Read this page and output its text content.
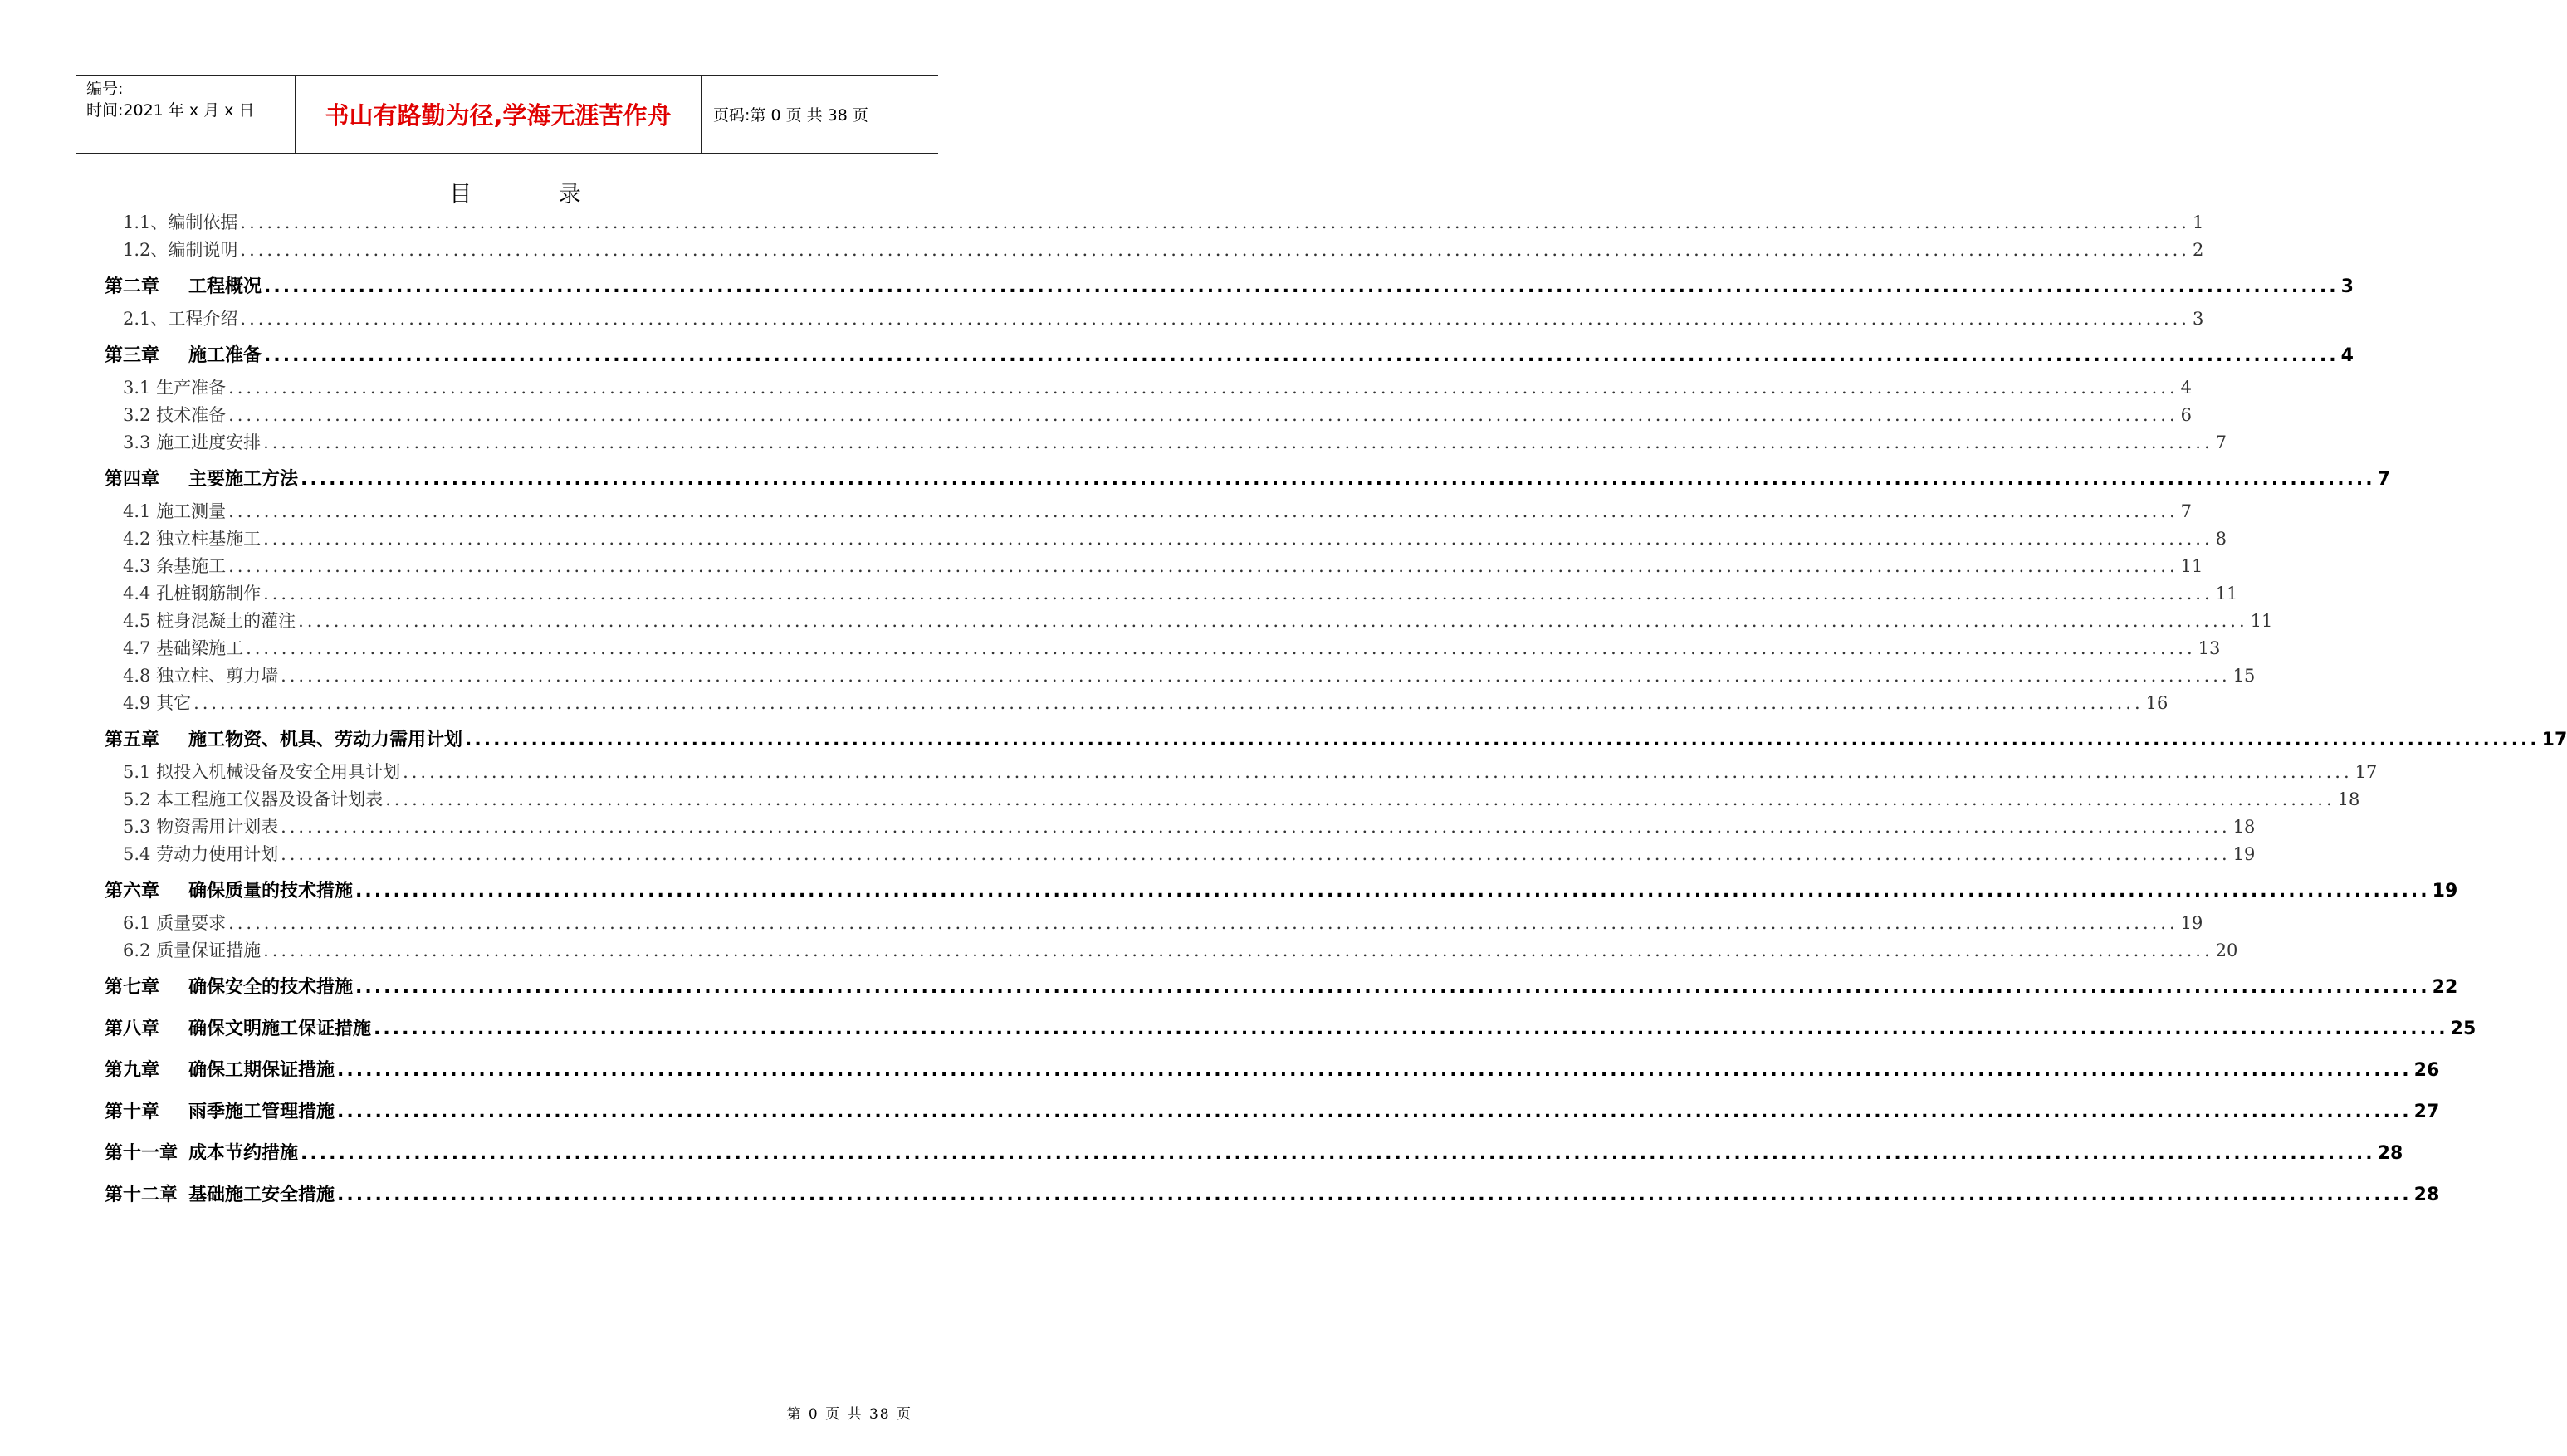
编号:
时间:2021 年 x 月 x 日	书山有路勤为径,学海无涯苦作舟	页码:第 0 页 共 38 页
目 录
1.1、编制依据 ............................................................................................................................................................................................................................ 1
1.2、编制说明 ............................................................................................................................................................................................................................ 2
第二章 工程概况 ............................................................................................................................................................................................................................ 3
2.1、工程介绍 ............................................................................................................................................................................................................................ 3
第三章 施工准备 ............................................................................................................................................................................................................................ 4
3.1 生产准备 ............................................................................................................................................................................................................................ 4
3.2 技术准备 ............................................................................................................................................................................................................................ 6
3.3 施工进度安排 ............................................................................................................................................................................................................................ 7
第四章 主要施工方法 ............................................................................................................................................................................................................................ 7
4.1 施工测量 ............................................................................................................................................................................................................................ 7
4.2 独立柱基施工 ............................................................................................................................................................................................................................ 8
4.3 条基施工 ............................................................................................................................................................................................................................ 11
4.4 孔桩钢筋制作 ............................................................................................................................................................................................................................ 11
4.5 桩身混凝土的灌注 ............................................................................................................................................................................................................................ 11
4.7 基础梁施工 ............................................................................................................................................................................................................................ 13
4.8 独立柱、剪力墙 ............................................................................................................................................................................................................................ 15
4.9 其它 ............................................................................................................................................................................................................................ 16
第五章 施工物资、机具、劳动力需用计划 ............................................................................................................................................................................................................................ 17
5.1 拟投入机械设备及安全用具计划 ............................................................................................................................................................................................................................ 17
5.2 本工程施工仪器及设备计划表 ............................................................................................................................................................................................................................ 18
5.3 物资需用计划表 ............................................................................................................................................................................................................................ 18
5.4 劳动力使用计划 ............................................................................................................................................................................................................................ 19
第六章 确保质量的技术措施 ............................................................................................................................................................................................................................ 19
6.1 质量要求 ............................................................................................................................................................................................................................ 19
6.2 质量保证措施 ............................................................................................................................................................................................................................ 20
第七章 确保安全的技术措施 ............................................................................................................................................................................................................................ 22
第八章 确保文明施工保证措施 ............................................................................................................................................................................................................................ 25
第九章 确保工期保证措施 ............................................................................................................................................................................................................................ 26
第十章 雨季施工管理措施 ............................................................................................................................................................................................................................ 27
第十一章 成本节约措施 ............................................................................................................................................................................................................................ 28
第十二章 基础施工安全措施 ............................................................................................................................................................................................................................ 28
第 0 页 共 38 页
